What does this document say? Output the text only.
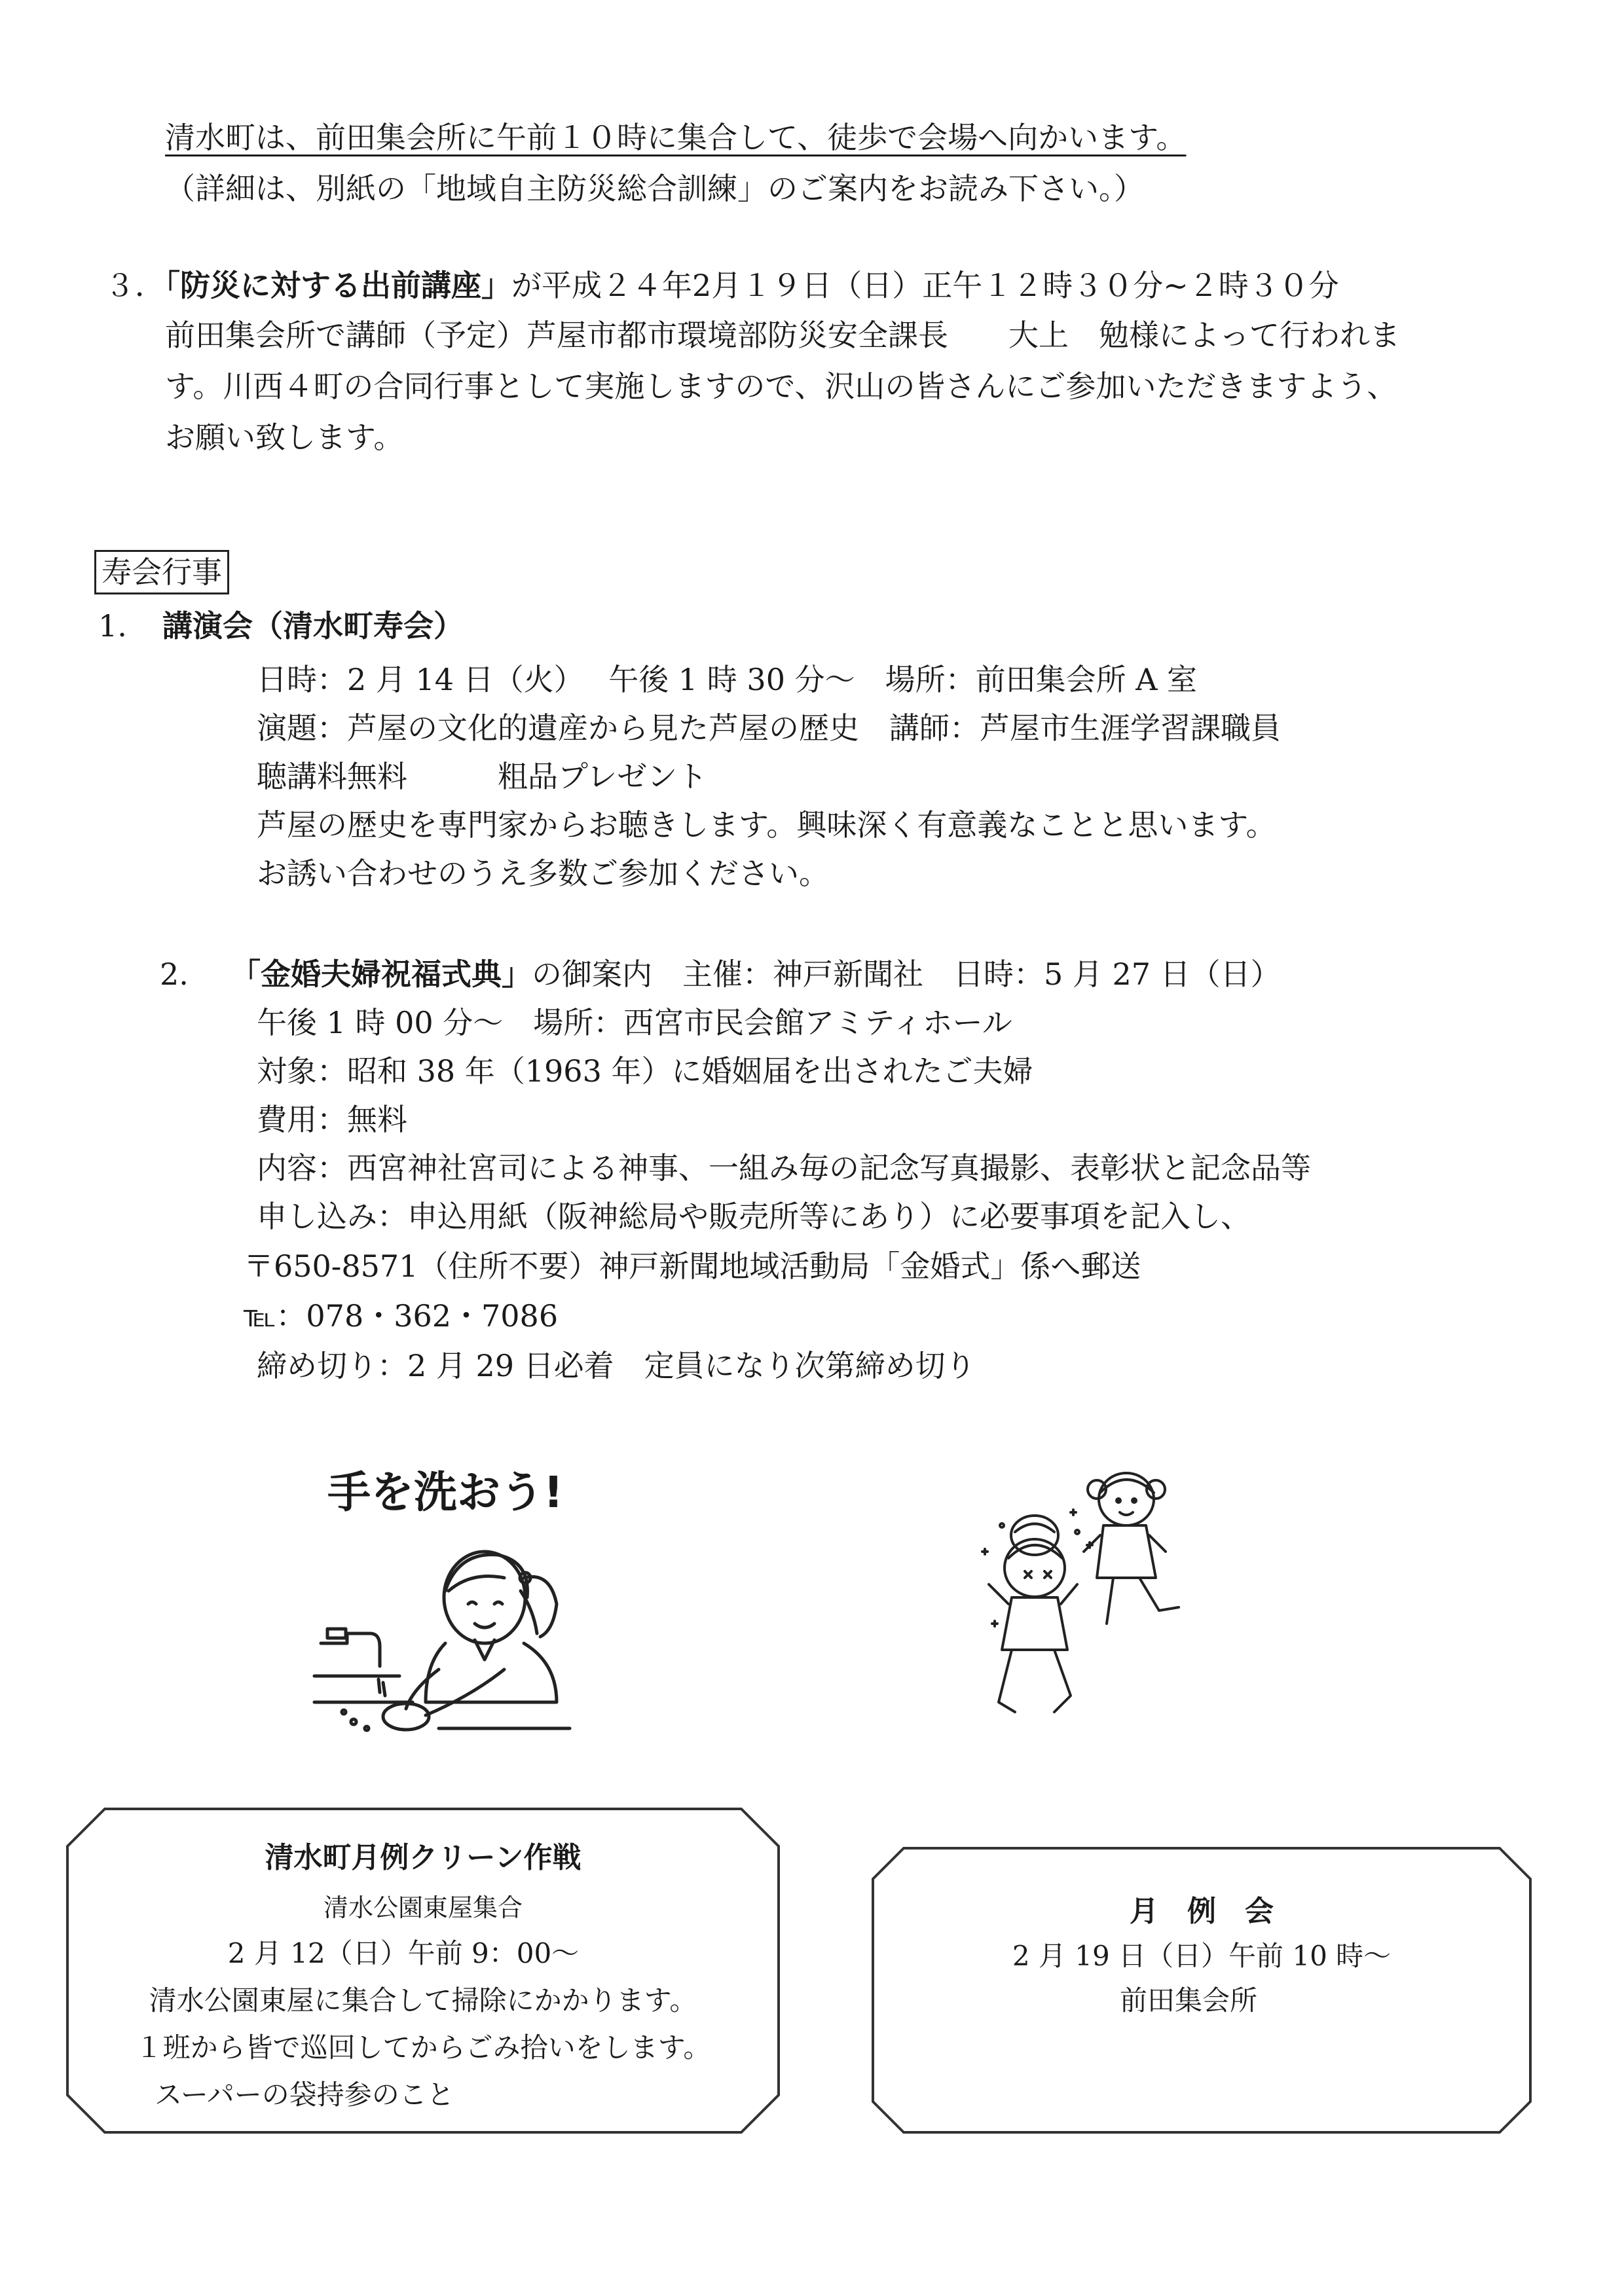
清水町は、前田集会所に午前１０時に集合して、徒歩で会場へ向かいます。
（詳細は、別紙の「地域自主防災総合訓練」のご案内をお読み下さい。）
３．「防災に対する出前講座」が平成２４年2月１９日（日）正午１２時３０分~２時３０分
前田集会所で講師（予定）芦屋市都市環境部防災安全課長　　大上　勉様によって行われま
す。川西４町の合同行事として実施しますので、沢山の皆さんにご参加いただきますよう、
お願い致します。
寿会行事
1. 講演会（清水町寿会）
日時：2 月 14 日（火）　 午後 1 時 30 分～　場所：前田集会所 A 室
演題：芦屋の文化的遺産から見た芦屋の歴史　講師：芦屋市生涯学習課職員
聴講料無料　　　粗品プレゼント
芦屋の歴史を専門家からお聴きします。興味深く有意義なことと思います。
お誘い合わせのうえ多数ご参加ください。
2. 「金婚夫婦祝福式典」の御案内　主催：神戸新聞社　日時：5 月 27 日（日）
午後 1 時 00 分～　場所：西宮市民会館アミティホール
対象：昭和 38 年（1963 年）に婚姻届を出されたご夫婦
費用：無料
内容：西宮神社宮司による神事、一組み毎の記念写真撮影、表彰状と記念品等
申し込み：申込用紙（阪神総局や販売所等にあり）に必要事項を記入し、
〒650-8571（住所不要）神戸新聞地域活動局「金婚式」係へ郵送
℡：078・362・7086
締め切り：2 月 29 日必着　定員になり次第締め切り
手を洗おう!
清水町月例クリーン作戦
清水公園東屋集合
2 月 12（日）午前 9：00～
清水公園東屋に集合して掃除にかかります。
１班から皆で巡回してからごみ拾いをします。
スーパーの袋持参のこと
月　例　会
2 月 19 日（日）午前 10 時～
前田集会所
